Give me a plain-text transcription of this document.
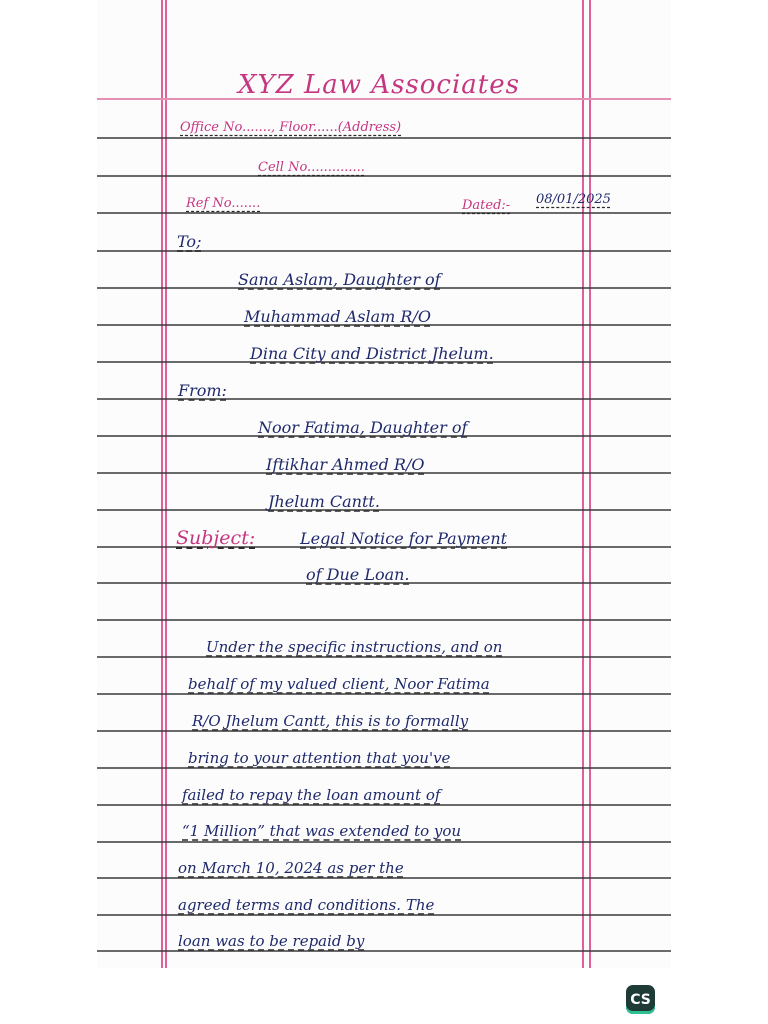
XYZ Law Associates
Office No......., Floor......(Address)
Cell No..............
Ref No.......	Dated:- 08/01/2025
To;
Sana Aslam, Daughter of
Muhammad Aslam R/O
Dina City and District Jhelum.
From:
Noor Fatima, Daughter of
Iftikhar Ahmed R/O
Jhelum Cantt.
Subject:	Legal Notice for Payment
of Due Loan.
Under the specific instructions, and on
behalf of my valued client, Noor Fatima
R/O Jhelum Cantt, this is to formally
bring to your attention that you've
failed to repay the loan amount of
“1 Million” that was extended to you
on March 10, 2024 as per the
agreed terms and conditions. The
loan was to be repaid by
CS
